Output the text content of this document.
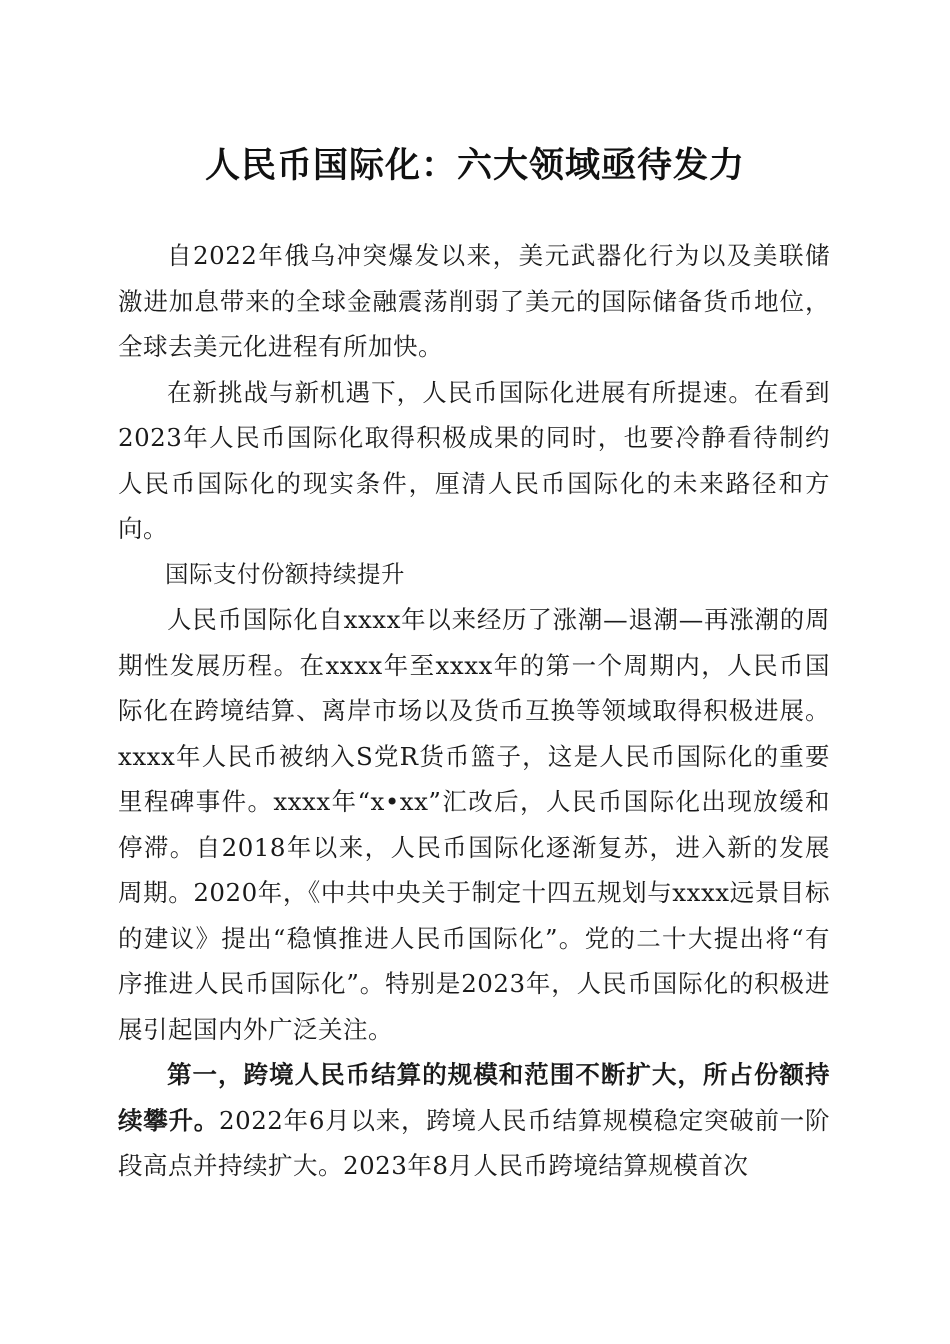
人民币国际化：六大领域亟待发力

自2022年俄乌冲突爆发以来，美元武器化行为以及美联储激进加息带来的全球金融震荡削弱了美元的国际储备货币地位，全球去美元化进程有所加快。

在新挑战与新机遇下，人民币国际化进展有所提速。在看到2023年人民币国际化取得积极成果的同时，也要冷静看待制约人民币国际化的现实条件，厘清人民币国际化的未来路径和方向。

国际支付份额持续提升

人民币国际化自xxxx年以来经历了涨潮—退潮—再涨潮的周期性发展历程。在xxxx年至xxxx年的第一个周期内，人民币国际化在跨境结算、离岸市场以及货币互换等领域取得积极进展。xxxx年人民币被纳入S党R货币篮子，这是人民币国际化的重要里程碑事件。xxxx年“x•xx”汇改后，人民币国际化出现放缓和停滞。自2018年以来，人民币国际化逐渐复苏，进入新的发展周期。2020年，《中共中央关于制定十四五规划与xxxx远景目标的建议》提出“稳慎推进人民币国际化”。党的二十大提出将“有序推进人民币国际化”。特别是2023年，人民币国际化的积极进展引起国内外广泛关注。

第一，跨境人民币结算的规模和范围不断扩大，所占份额持续攀升。2022年6月以来，跨境人民币结算规模稳定突破前一阶段高点并持续扩大。2023年8月人民币跨境结算规模首次
